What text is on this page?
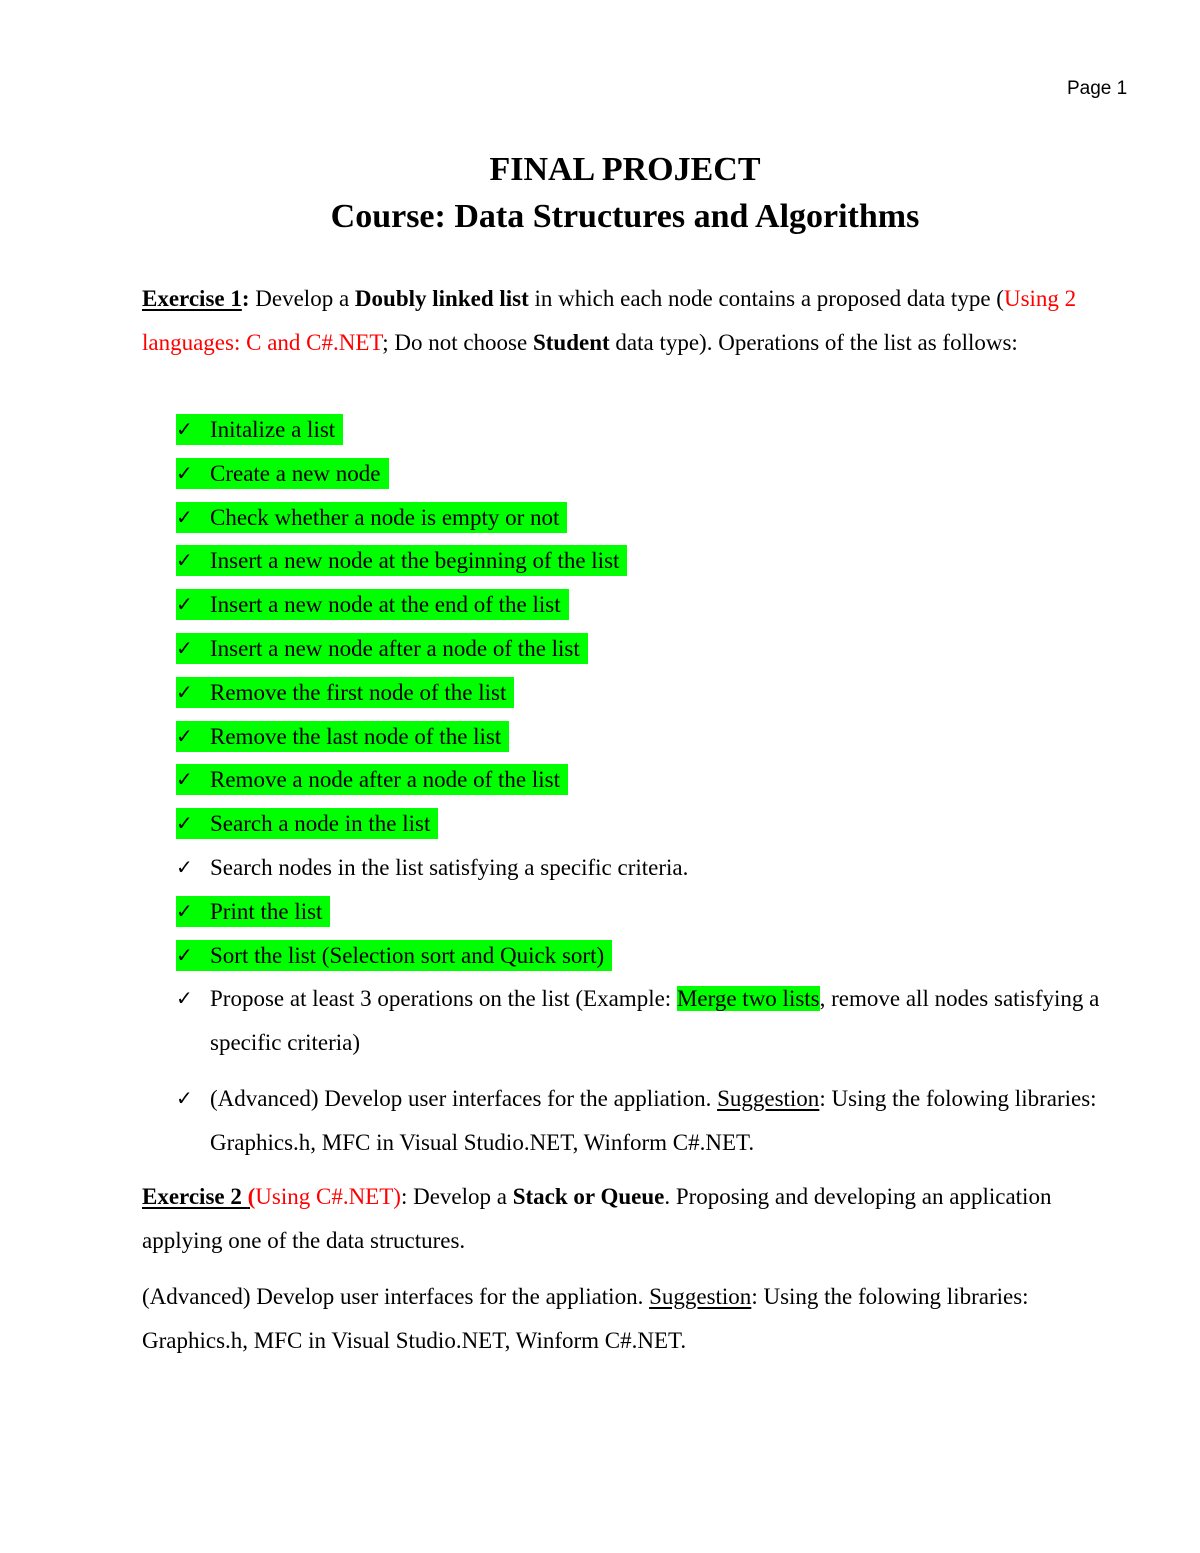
Page 1
FINAL PROJECT
Course: Data Structures and Algorithms
Exercise 1: Develop a Doubly linked list in which each node contains a proposed data type (Using 2 languages: C and C#.NET; Do not choose Student data type). Operations of the list as follows:
✓ Initalize a list
✓ Create a new node
✓ Check whether a node is empty or not
✓ Insert a new node at the beginning of the list
✓ Insert a new node at the end of the list
✓ Insert a new node after a node of the list
✓ Remove the first node of the list
✓ Remove the last node of the list
✓ Remove a node after a node of the list
✓ Search a node in the list
✓ Search nodes in the list satisfying a specific criteria.
✓ Print the list
✓ Sort the list (Selection sort and Quick sort)
✓ Propose at least 3 operations on the list (Example: Merge two lists, remove all nodes satisfying a specific criteria)
✓ (Advanced) Develop user interfaces for the appliation. Suggestion: Using the folowing libraries: Graphics.h, MFC in Visual Studio.NET, Winform C#.NET.
Exercise 2 (Using C#.NET): Develop a Stack or Queue. Proposing and developing an application applying one of the data structures.
(Advanced) Develop user interfaces for the appliation. Suggestion: Using the folowing libraries: Graphics.h, MFC in Visual Studio.NET, Winform C#.NET.
